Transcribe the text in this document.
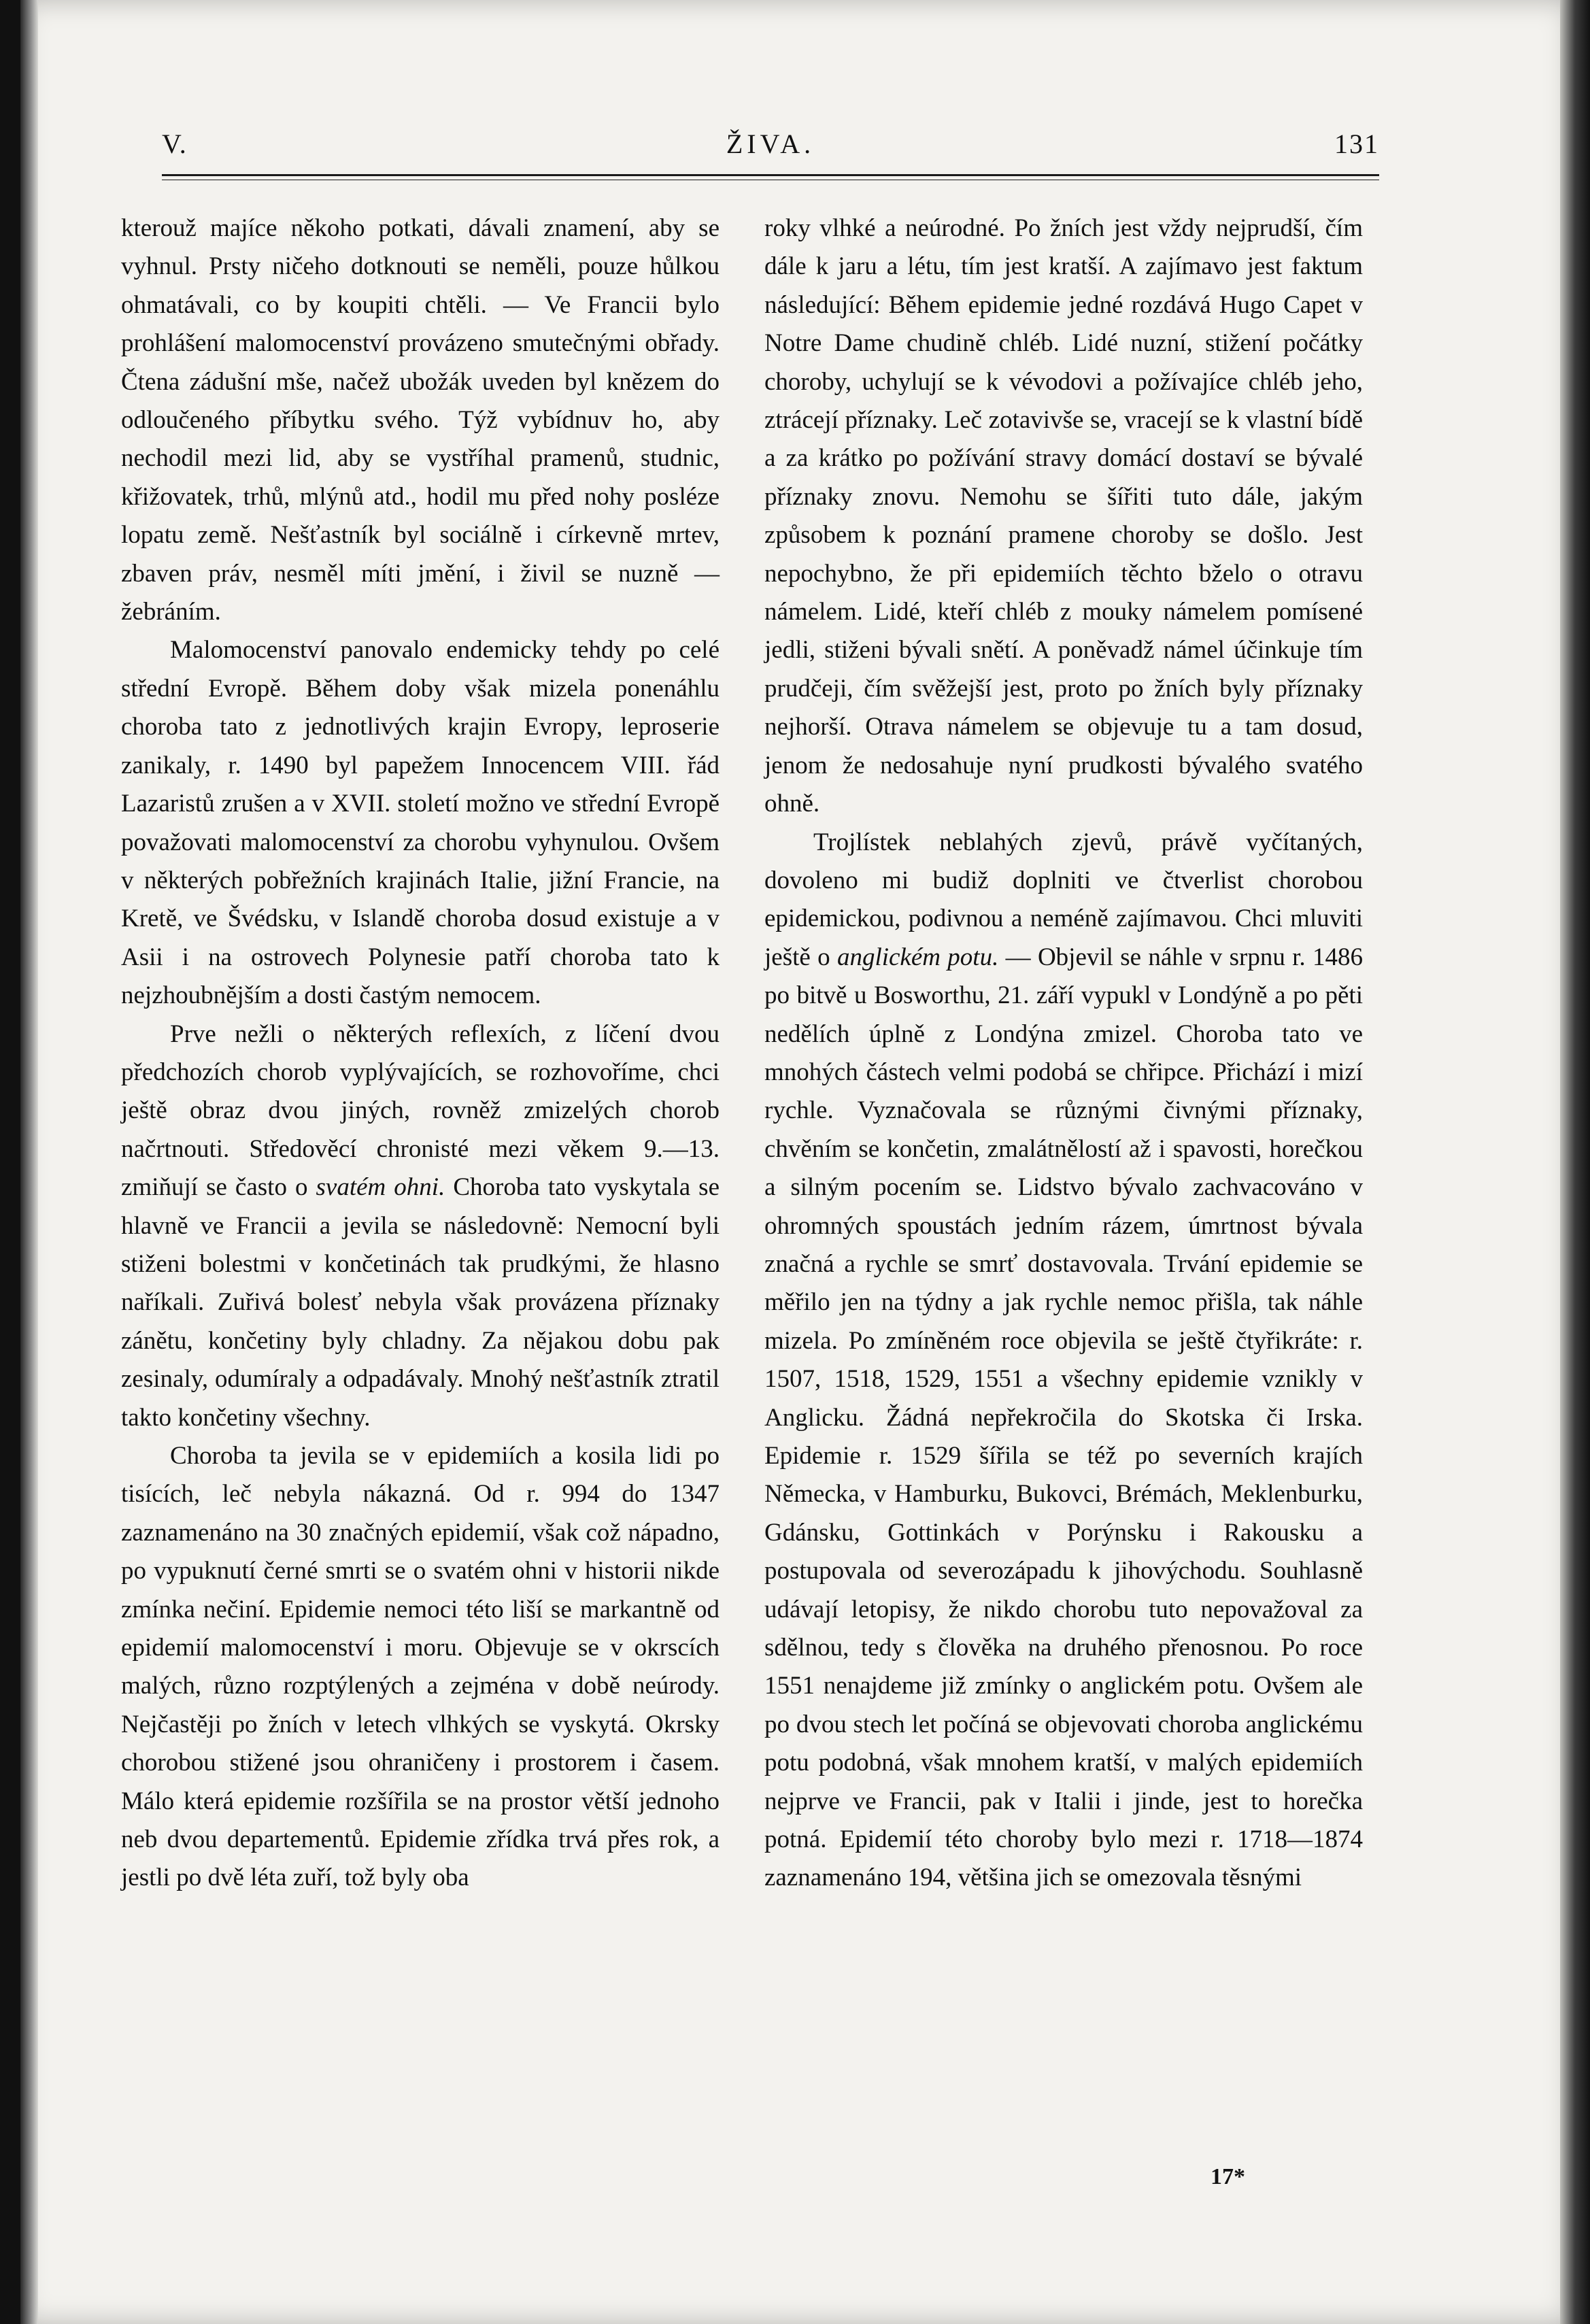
V.	ŽIVA.	131

kterouž majíce někoho potkati, dávali znamení, aby se vyhnul. Prsty ničeho dotknouti se neměli, pouze hůlkou ohmatávali, co by koupiti chtěli. — Ve Francii bylo prohlášení malomocenství provázeno smutečnými obřady. Čtena zádušní mše, načež ubožák uveden byl knězem do odloučeného příbytku svého. Týž vybídnuv ho, aby nechodil mezi lid, aby se vystříhal pramenů, studnic, křižovatek, trhů, mlýnů atd., hodil mu před nohy posléze lopatu země. Nešťastník byl sociálně i církevně mrtev, zbaven práv, nesměl míti jmění, i živil se nuzně — žebráním.

Malomocenství panovalo endemicky tehdy po celé střední Evropě. Během doby však mizela ponenáhlu choroba tato z jednotlivých krajin Evropy, leproserie zanikaly, r. 1490 byl papežem Innocencem VIII. řád Lazaristů zrušen a v XVII. století možno ve střední Evropě považovati malomocenství za chorobu vyhynulou. Ovšem v některých pobřežních krajinách Italie, jižní Francie, na Kretě, ve Švédsku, v Islandě choroba dosud existuje a v Asii i na ostrovech Polynesie patří choroba tato k nejzhoubnějším a dosti častým nemocem.

Prve nežli o některých reflexích, z líčení dvou předchozích chorob vyplývajících, se rozhovoříme, chci ještě obraz dvou jiných, rovněž zmizelých chorob načrtnouti. Středověcí chronisté mezi věkem 9.—13. zmiňují se často o svatém ohni. Choroba tato vyskytala se hlavně ve Francii a jevila se následovně: Nemocní byli stiženi bolestmi v končetinách tak prudkými, že hlasno naříkali. Zuřivá bolesť nebyla však provázena příznaky zánětu, končetiny byly chladny. Za nějakou dobu pak zesinaly, odumíraly a odpadávaly. Mnohý nešťastník ztratil takto končetiny všechny.

Choroba ta jevila se v epidemiích a kosila lidi po tisících, leč nebyla nákazná. Od r. 994 do 1347 zaznamenáno na 30 značných epidemií, však což nápadno, po vypuknutí černé smrti se o svatém ohni v historii nikde zmínka nečiní. Epidemie nemoci této liší se markantně od epidemií malomocenství i moru. Objevuje se v okrscích malých, různo rozptýlených a zejména v době neúrody. Nejčastěji po žních v letech vlhkých se vyskytá. Okrsky chorobou stižené jsou ohraničeny i prostorem i časem. Málo která epidemie rozšířila se na prostor větší jednoho neb dvou departementů. Epidemie zřídka trvá přes rok, a jestli po dvě léta zuří, tož byly oba

roky vlhké a neúrodné. Po žních jest vždy nejprudší, čím dále k jaru a létu, tím jest kratší. A zajímavo jest faktum následující: Během epidemie jedné rozdává Hugo Capet v Notre Dame chudině chléb. Lidé nuzní, stižení počátky choroby, uchylují se k vévodovi a požívajíce chléb jeho, ztrácejí příznaky. Leč zotavivše se, vracejí se k vlastní bídě a za krátko po požívání stravy domácí dostaví se bývalé příznaky znovu. Nemohu se šířiti tuto dále, jakým způsobem k poznání pramene choroby se došlo. Jest nepochybno, že při epidemiích těchto bželo o otravu námelem. Lidé, kteří chléb z mouky námelem pomísené jedli, stiženi bývali snětí. A poněvadž námel účinkuje tím prudčeji, čím svěžejší jest, proto po žních byly příznaky nejhorší. Otrava námelem se objevuje tu a tam dosud, jenom že nedosahuje nyní prudkosti bývalého svatého ohně.

Trojlístek neblahých zjevů, právě vyčítaných, dovoleno mi budiž doplniti ve čtverlist chorobou epidemickou, podivnou a neméně zajímavou. Chci mluviti ještě o anglickém potu. — Objevil se náhle v srpnu r. 1486 po bitvě u Bosworthu, 21. září vypukl v Londýně a po pěti nedělích úplně z Londýna zmizel. Choroba tato ve mnohých částech velmi podobá se chřipce. Přichází i mizí rychle. Vyznačovala se různými čivnými příznaky, chvěním se končetin, zmalátnělostí až i spavosti, horečkou a silným pocením se. Lidstvo bývalo zachvacováno v ohromných spoustách jedním rázem, úmrtnost bývala značná a rychle se smrť dostavovala. Trvání epidemie se měřilo jen na týdny a jak rychle nemoc přišla, tak náhle mizela. Po zmíněném roce objevila se ještě čtyřikráte: r. 1507, 1518, 1529, 1551 a všechny epidemie vznikly v Anglicku. Žádná nepřekročila do Skotska či Irska. Epidemie r. 1529 šířila se též po severních krajích Německa, v Hamburku, Bukovci, Brémách, Meklenburku, Gdánsku, Gottinkách v Porýnsku i Rakousku a postupovala od severozápadu k jihovýchodu. Souhlasně udávají letopisy, že nikdo chorobu tuto nepovažoval za sdělnou, tedy s člověka na druhého přenosnou. Po roce 1551 nenajdeme již zmínky o anglickém potu. Ovšem ale po dvou stech let počíná se objevovati choroba anglickému potu podobná, však mnohem kratší, v malých epidemiích nejprve ve Francii, pak v Italii i jinde, jest to horečka potná. Epidemií této choroby bylo mezi r. 1718—1874 zaznamenáno 194, většina jich se omezovala těsnými

17*
